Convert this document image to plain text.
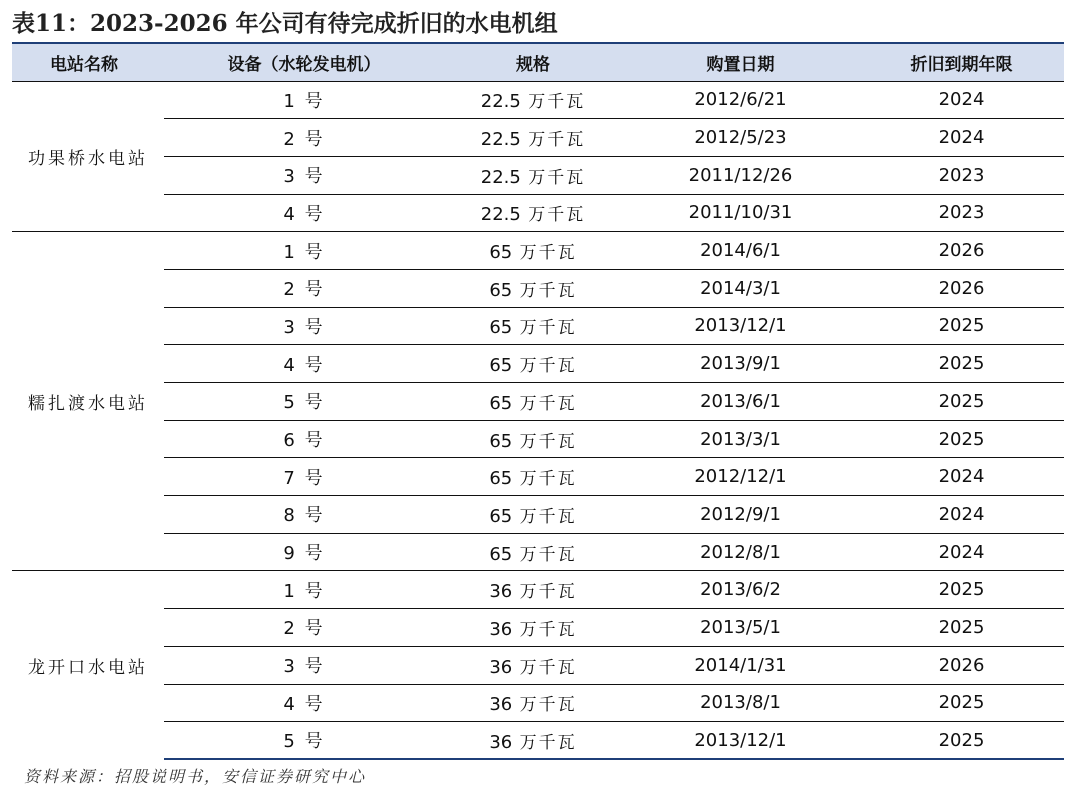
表11：2023-2026 年公司有待完成折旧的水电机组
电站名称	设备（水轮发电机）	规格	购置日期	折旧到期年限
功果桥水电站	1 号	22.5 万千瓦	2012/6/21	2024
	2 号	22.5 万千瓦	2012/5/23	2024
	3 号	22.5 万千瓦	2011/12/26	2023
	4 号	22.5 万千瓦	2011/10/31	2023
糯扎渡水电站	1 号	65 万千瓦	2014/6/1	2026
	2 号	65 万千瓦	2014/3/1	2026
	3 号	65 万千瓦	2013/12/1	2025
	4 号	65 万千瓦	2013/9/1	2025
	5 号	65 万千瓦	2013/6/1	2025
	6 号	65 万千瓦	2013/3/1	2025
	7 号	65 万千瓦	2012/12/1	2024
	8 号	65 万千瓦	2012/9/1	2024
	9 号	65 万千瓦	2012/8/1	2024
龙开口水电站	1 号	36 万千瓦	2013/6/2	2025
	2 号	36 万千瓦	2013/5/1	2025
	3 号	36 万千瓦	2014/1/31	2026
	4 号	36 万千瓦	2013/8/1	2025
	5 号	36 万千瓦	2013/12/1	2025
资料来源：招股说明书，安信证券研究中心
